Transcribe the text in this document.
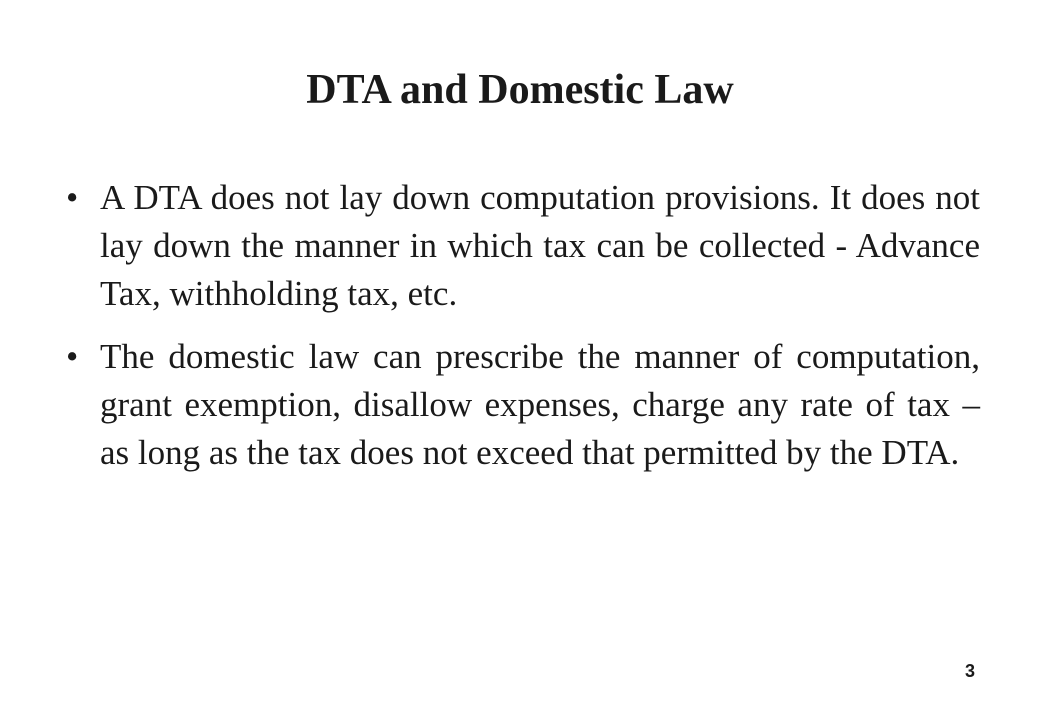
DTA and Domestic Law
• A DTA does not lay down computation provisions. It does not lay down the manner in which tax can be collected - Advance Tax, withholding tax, etc.
• The domestic law can prescribe the manner of computation, grant exemption, disallow expenses, charge any rate of tax – as long as the tax does not exceed that permitted by the DTA.
3
